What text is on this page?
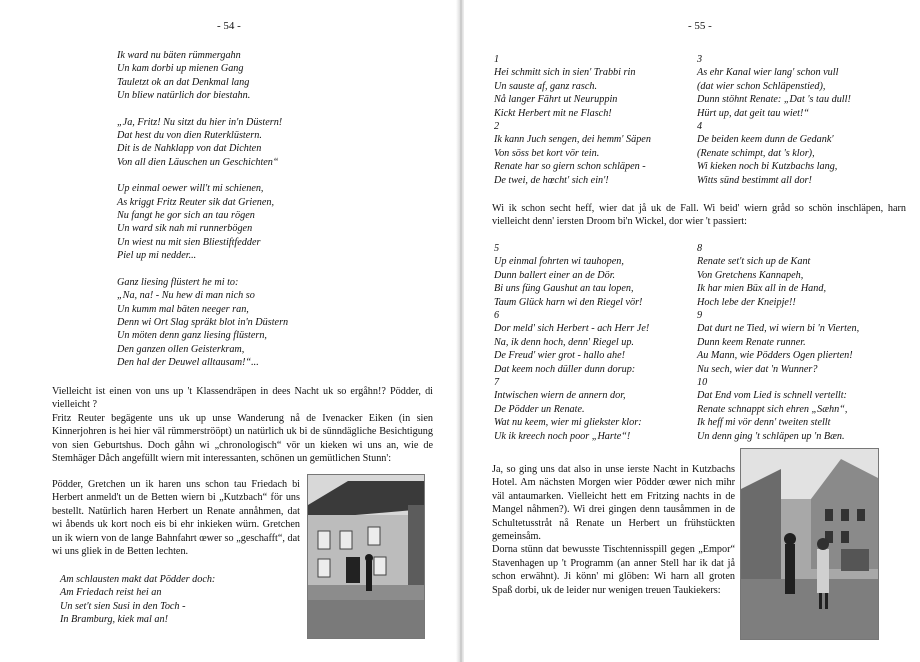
- 54 -
Ik ward nu bäten rümmergahn
Un kam dorbi up mienen Gang
Tauletzt ok an dat Denkmal lang
Un bliew natürlich dor biestahn.
„Ja, Fritz! Nu sitzt du hier in'n Düstern!
Dat hest du von dien Ruterklüstern.
Dit is de Nahklapp von dat Dichten
Von all dien Läuschen un Geschichten“
Up einmal oewer will't mi schienen,
As kriggt Fritz Reuter sik dat Grienen,
Nu fangt he gor sich an tau rögen
Un ward sik nah mi runnerbögen
Un wiest nu mit sien Bliestiftfedder
Piel up mi nedder...
Ganz liesing flüstert he mi to:
„Na, na! - Nu hew di man nich so
Un kumm mal bäten neeger ran,
Denn wi Ort Slag spräkt blot in'n Düstern
Un möten denn ganz liesing flüstern,
Den ganzen ollen Geisterkram,
Den hal der Deuwel alltausam!“...

Vielleicht ist einen von uns up 't Klassendräpen in dees Nacht uk so ergåhn!? Pödder, di vielleicht ?

Fritz Reuter begägente uns uk up unse Wanderung nå de Ivenacker Eiken (in sien Kinnerjohren is hei hier väl rümmerströöpt) un natürlich uk bi de sünndägliche Besichtigung von sien Geburtshus. Doch gåhn wi „chronologisch“ vör un kieken wi uns an, wie de Stemhäger Dåch angefüllt wiern mit interessanten, schönen un gemütlichen Stunn':

Pödder, Gretchen un ik haren uns schon tau Friedach bi Herbert anmeld't un de Betten wiern bi „Kutzbach“ för uns bestellt. Natürlich haren Herbert un Renate annåhmen, dat wi åbends uk kort noch eis bi ehr inkieken würn. Gretchen un ik wiern von de lange Bahnfahrt œwer so „geschafft“, dat wi uns gliek in de Betten lechten.

Am schlausten makt dat Pödder doch:
Am Friedach reist hei an
Un set't sien Susi in den Toch -
In Bramburg, kiek mal an!
- 55 -
1
Hei schmitt sich in sien' Trabbi rin
Un sauste af, ganz rasch.
Nå langer Fährt ut Neuruppin
Kickt Herbert mit ne Flasch!
2
Ik kann Juch sengen, dei hemm' Säpen
Von söss bet kort vör tein.
Renate har so giern schon schläpen -
De twei, de hœcht' sich ein'!
3
As ehr Kanal wier lang' schon vull
(dat wier schon Schläpenstied),
Dunn stöhnt Renate: „Dat 's tau dull!
Hürt up, dat geit tau wiet!“
4
De beiden keem dunn de Gedank'
(Renate schimpt, dat 's klor),
Wi kieken noch bi Kutzbachs lang,
Witts sünd bestimmt all dor!

Wi ik schon secht heff, wier dat jå uk de Fall. Wi beid' wiern gråd so schön inschläpen, harn vielleicht denn' iersten Droom bi'n Wickel, dor wier 't passiert:

5
Up einmal fohrten wi tauhopen,
Dunn ballert einer an de Dör.
Bi uns füng Gaushut an tau lopen,
Taum Glück harn wi den Riegel vör!
6
Dor meld' sich Herbert - ach Herr Je!
Na, ik denn hoch, denn' Riegel up.
De Freud' wier grot - hallo ahe!
Dat keem noch düller dunn dorup:
7
Intwischen wiern de annern dor,
De Pödder un Renate.
Wat nu keem, wier mi gliekster klor:
Uk ik kreech noch poor „Harte“!
8
Renate set't sich up de Kant
Von Gretchens Kannapeh,
Ik har mien Büx all in de Hand,
Hoch lebe der Kneipje!!
9
Dat durt ne Tied, wi wiern bi 'n Vierten,
Dunn keem Renate runner.
Au Mann, wie Pödders Ogen plierten!
Nu sech, wier dat 'n Wunner?
10
Dat End vom Lied is schnell vertellt:
Renate schnappt sich ehren „Sæhn“,
Ik heff mi vör denn' tweiten stellt
Un denn ging 't schläpen up 'n Bæn.

Ja, so ging uns dat also in unse ierste Nacht in Kutzbachs Hotel. Am nächsten Morgen wier Pödder œwer nich mihr väl antaumarken. Vielleicht hett em Fritzing nachts in de Mangel nåhmen?). Wi drei gingen denn tausåmmen in de Schultetusstråt nå Renate un Herbert un frühstückten gemeinsåm.

Dorna stünn dat bewusste Tischtennisspill gegen „Empor“ Stavenhagen up 't Programm (an anner Stell har ik dat jå schon erwähnt). Ji könn' mi glöben: Wi harn all groten Spaß dorbi, uk de leider nur wenigen treuen Taukiekers:
